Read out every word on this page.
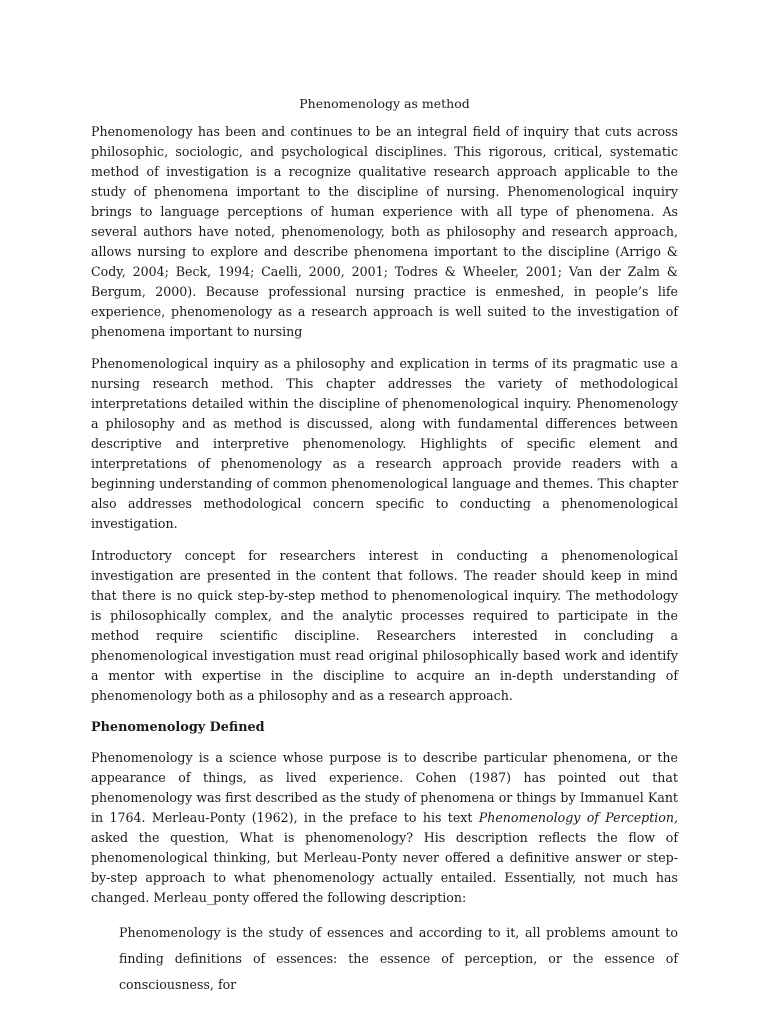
Phenomenology as method

Phenomenology has been and continues to be an integral field of inquiry that cuts across philosophic, sociologic, and psychological disciplines. This rigorous, critical, systematic method of investigation is a recognize qualitative research approach applicable to the study of phenomena important to the discipline of nursing. Phenomenological inquiry brings to language perceptions of human experience with all type of phenomena. As several authors have noted, phenomenology, both as philosophy and research approach, allows nursing to explore and describe phenomena important to the discipline (Arrigo & Cody, 2004; Beck, 1994; Caelli, 2000, 2001; Todres & Wheeler, 2001; Van der Zalm & Bergum, 2000). Because professional nursing practice is enmeshed, in people’s life experience, phenomenology as a research approach is well suited to the investigation of phenomena important to nursing

Phenomenological inquiry as a philosophy and explication in terms of its pragmatic use a nursing research method. This chapter addresses the variety of methodological interpretations detailed within the discipline of phenomenological inquiry. Phenomenology a philosophy and as method is discussed, along with fundamental differences between descriptive and interpretive phenomenology. Highlights of specific element and interpretations of phenomenology as a research approach provide readers with a beginning understanding of common phenomenological language and themes. This chapter also addresses methodological concern specific to conducting a phenomenological investigation.

Introductory concept for researchers interest in conducting a phenomenological investigation are presented in the content that follows. The reader should keep in mind that there is no quick step-by-step method to phenomenological inquiry. The methodology is philosophically complex, and the analytic processes required to participate in the method require scientific discipline. Researchers interested in concluding a phenomenological investigation must read original philosophically based work and identify a mentor with expertise in the discipline to acquire an in-depth understanding of phenomenology both as a philosophy and as a research approach.

Phenomenology Defined

Phenomenology is a science whose purpose is to describe particular phenomena, or the appearance of things, as lived experience. Cohen (1987) has pointed out that phenomenology was first described as the study of phenomena or things by Immanuel Kant in 1764. Merleau-Ponty (1962), in the preface to his text Phenomenology of Perception, asked the question, What is phenomenology? His description reflects the flow of phenomenological thinking, but Merleau-Ponty never offered a definitive answer or step-by-step approach to what phenomenology actually entailed. Essentially, not much has changed. Merleau_ponty offered the following description:

Phenomenology is the study of essences and according to it, all problems amount to finding definitions of essences: the essence of perception, or the essence of consciousness, for
